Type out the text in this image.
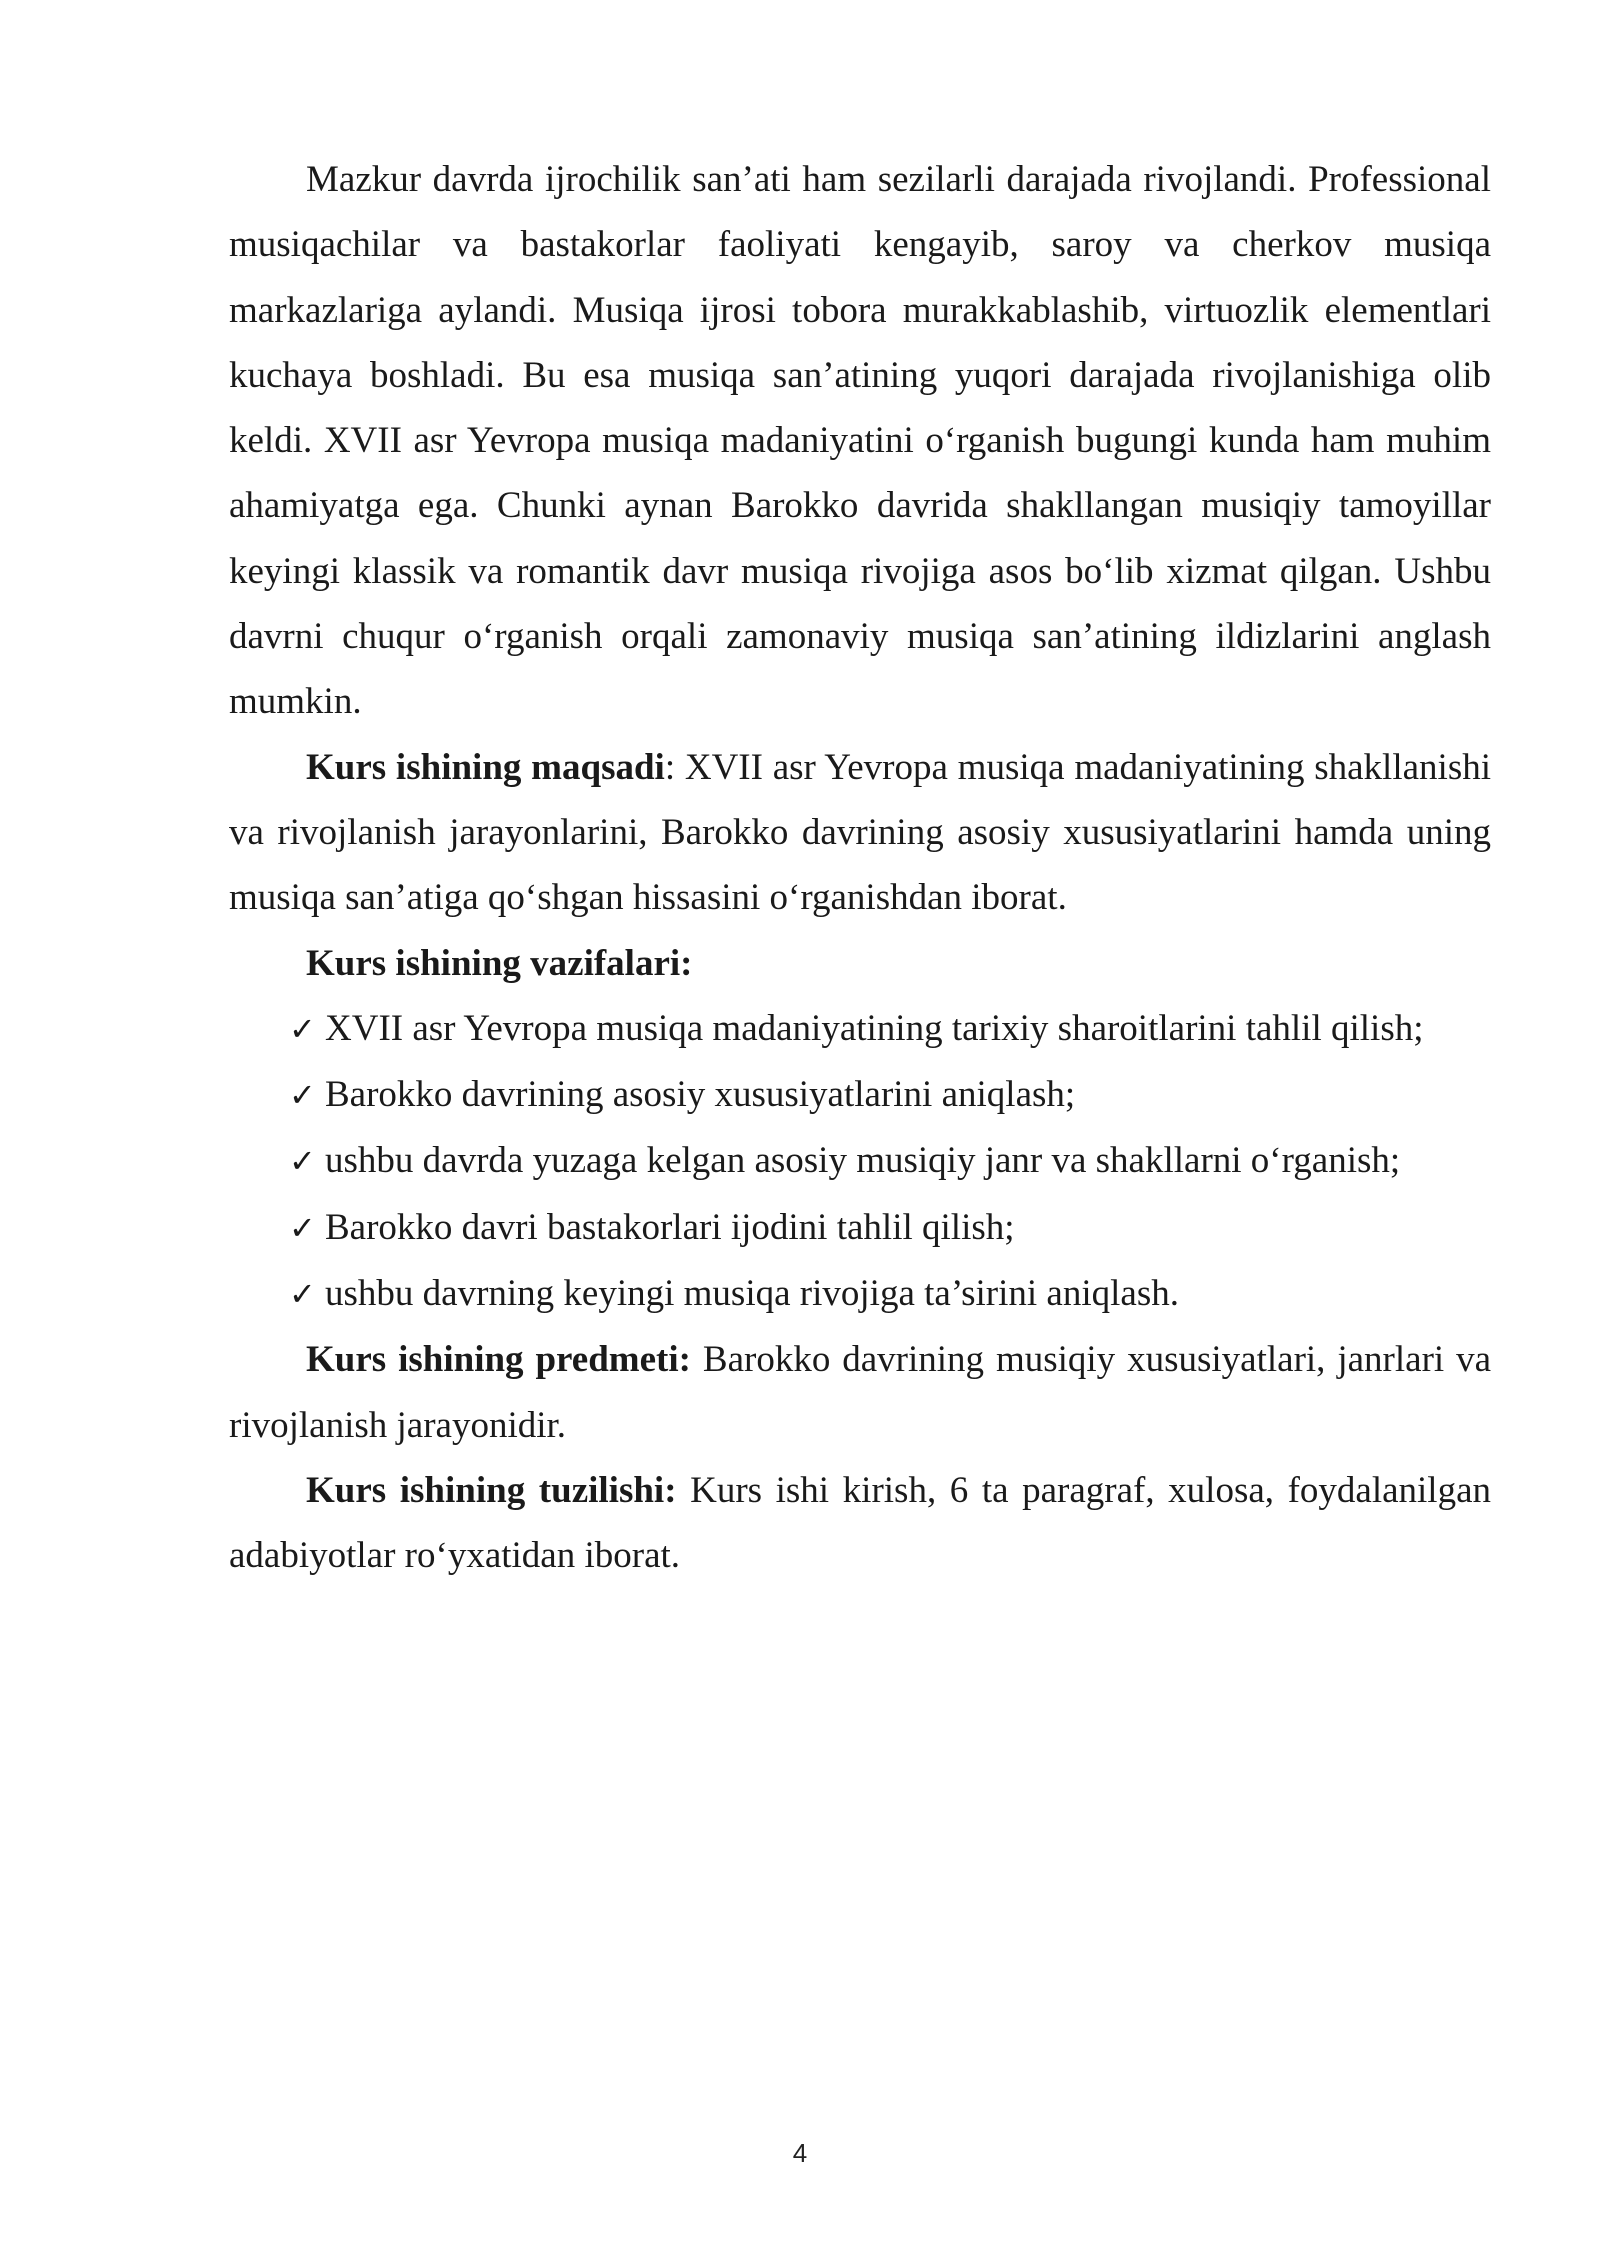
Mazkur davrda ijrochilik san’ati ham sezilarli darajada rivojlandi. Professional musiqachilar va bastakorlar faoliyati kengayib, saroy va cherkov musiqa markazlariga aylandi. Musiqa ijrosi tobora murakkablashib, virtuozlik elementlari kuchaya boshladi. Bu esa musiqa san’atining yuqori darajada rivojlanishiga olib keldi. XVII asr Yevropa musiqa madaniyatini o‘rganish bugungi kunda ham muhim ahamiyatga ega. Chunki aynan Barokko davrida shakllangan musiqiy tamoyillar keyingi klassik va romantik davr musiqa rivojiga asos bo‘lib xizmat qilgan. Ushbu davrni chuqur o‘rganish orqali zamonaviy musiqa san’atining ildizlarini anglash mumkin.

Kurs ishining maqsadi: XVII asr Yevropa musiqa madaniyatining shakllanishi va rivojlanish jarayonlarini, Barokko davrining asosiy xususiyatlarini hamda uning musiqa san’atiga qo‘shgan hissasini o‘rganishdan iborat.

Kurs ishining vazifalari:

✓ XVII asr Yevropa musiqa madaniyatining tarixiy sharoitlarini tahlil qilish;
✓ Barokko davrining asosiy xususiyatlarini aniqlash;
✓ ushbu davrda yuzaga kelgan asosiy musiqiy janr va shakllarni o‘rganish;
✓ Barokko davri bastakorlari ijodini tahlil qilish;
✓ ushbu davrning keyingi musiqa rivojiga ta’sirini aniqlash.

Kurs ishining predmeti: Barokko davrining musiqiy xususiyatlari, janrlari va rivojlanish jarayonidir.

Kurs ishining tuzilishi: Kurs ishi kirish, 6 ta paragraf, xulosa, foydalanilgan adabiyotlar ro‘yxatidan iborat.

4
